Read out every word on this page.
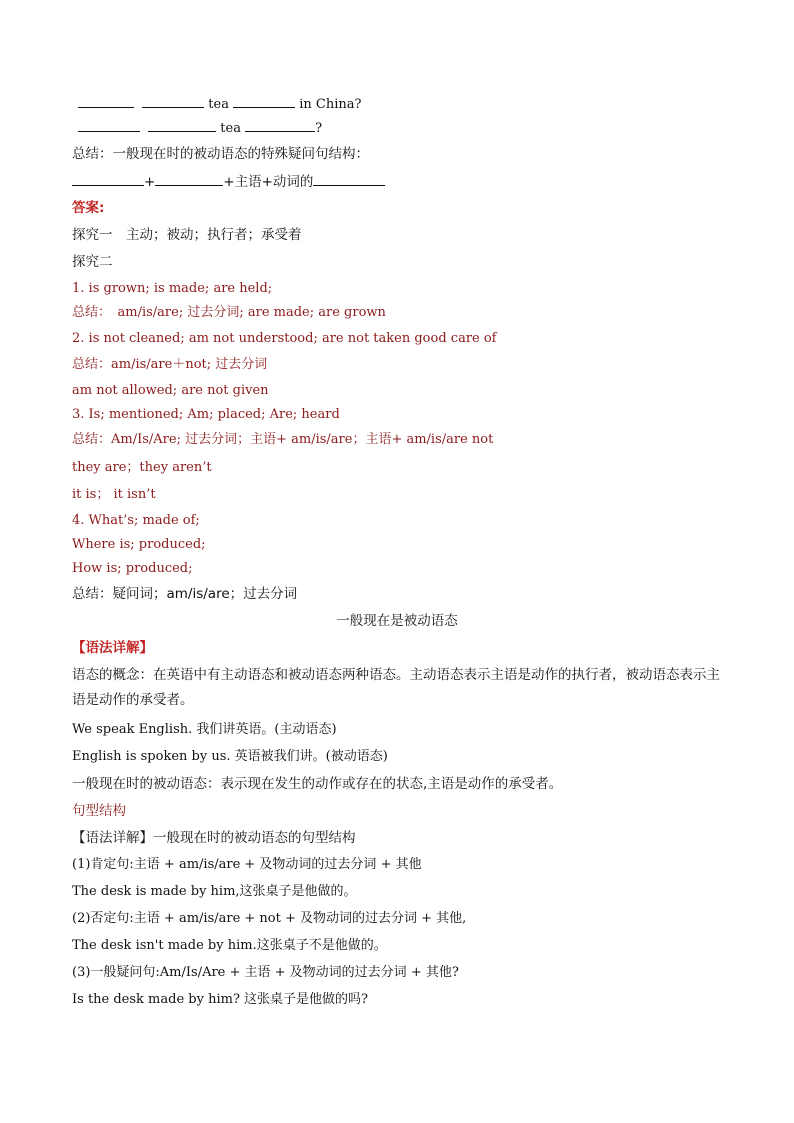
tea	in China?
tea	?
总结：一般现在时的被动语态的特殊疑问句结构：
+	+主语+动词的
答案:
探究一　主动；被动；执行者；承受着
探究二
1. is grown; is made; are held;
总结：　am/is/are; 过去分词; are made; are grown
2. is not cleaned; am not understood; are not taken good care of
总结：am/is/are＋not; 过去分词
am not allowed; are not given
3. Is; mentioned; Am; placed; Are; heard
总结：Am/Is/Are; 过去分词；主语+ am/is/are；主语+ am/is/are not
they are；they aren’t
it is； it isn’t
4. What’s; made of;
Where is; produced;
How is; produced;
总结：疑问词；am/is/are；过去分词
一般现在是被动语态
【语法详解】
语态的概念：在英语中有主动语态和被动语态两种语态。主动语态表示主语是动作的执行者，被动语态表示主语是动作的承受者。
We speak English. 我们讲英语。(主动语态)
English is spoken by us. 英语被我们讲。(被动语态)
一般现在时的被动语态：表示现在发生的动作或存在的状态,主语是动作的承受者。
句型结构
【语法详解】一般现在时的被动语态的句型结构
(1)肯定句:主语 + am/is/are + 及物动词的过去分词 + 其他
The desk is made by him,这张桌子是他做的。
(2)否定句:主语 + am/is/are + not + 及物动词的过去分词 + 其他,
The desk isn't made by him.这张桌子不是他做的。
(3)一般疑问句:Am/Is/Are + 主语 + 及物动词的过去分词 + 其他?
Is the desk made by him? 这张桌子是他做的吗?
